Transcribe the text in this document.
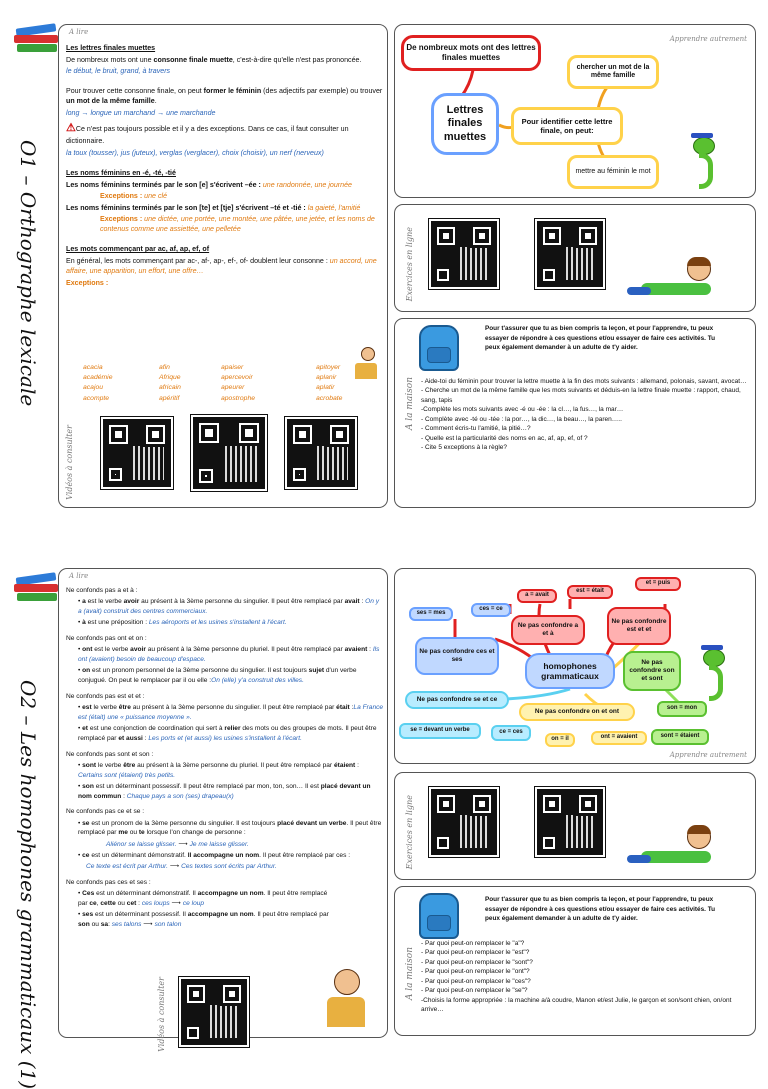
O1 – Orthographe lexicale
A lire

Les lettres finales muettes

De nombreux mots ont une consonne finale muette, c'est-à-dire qu'elle n'est pas prononcée.

le début, le bruit, grand, à travers

Pour trouver cette consonne finale, on peut former le féminin (des adjectifs par exemple) ou trouver un mot de la même famille.

long → longue un marchand → une marchande

⚠Ce n'est pas toujours possible et il y a des exceptions. Dans ce cas, il faut consulter un dictionnaire.

la toux (tousser), jus (juteux), verglas (verglacer), choix (choisir), un nerf (nerveux)

Les noms féminins en -é, -té, -tié

Les noms féminins terminés par le son [e] s'écrivent –ée : une randonnée, une journée

Exceptions : une clé

Les noms féminins terminés par le son [te] et [tje] s'écrivent –té et -tié : la gaieté, l'amitié

Exceptions : une dictée, une portée, une montée, une pâtée, une jetée, et les noms de contenus comme une assiettée, une pelletée

Les mots commençant par ac, af, ap, ef, of

En général, les mots commençant par ac-, af-, ap-, ef-, of- doublent leur consonne : un accord, une affaire, une apparition, un effort, une offre…

Exceptions :

acacia	afin	apaiser	apitoyer
académie	Afrique	apercevoir	aplanir
acajou	africain	apeurer	aplatir
acompte	apéritif	apostrophe	acrobate
Vidéos à consulter
Apprendre autrement
De nombreux mots ont des lettres finales muettes
Lettres finales muettes
Pour identifier cette lettre finale, on peut:
chercher un mot de la même famille
mettre au féminin le mot
Exercices en ligne
Pour t'assurer que tu as bien compris ta leçon, et pour l'apprendre, tu peux essayer de répondre à ces questions et/ou essayer de faire ces activités. Tu peux également demander à un adulte de t'y aider.
A la maison - Aide-toi du féminin pour trouver la lettre muette à la fin des mots suivants : allemand, polonais, savant, avocat…
- Cherche un mot de la même famille que les mots suivants et déduis-en la lettre finale muette : rapport, chaud, sang, tapis
-Complète les mots suivants avec -é ou -ée : la cl…, la fus…, la mar…
- Complète avec -té ou -tée : la por…, la dic…, la beau…, la paren…..
- Comment écris-tu l'amitié, la pitié…?
- Quelle est la particularité des noms en ac, af, ap, ef, of ?
- Cite 5 exceptions à la règle?
O2 – Les homophones grammaticaux (1)
A lire

Ne confonds pas a et à :

• a est le verbe avoir au présent à la 3ème personne du singulier. Il peut être remplacé par avait : On y a (avait) construit des centres commerciaux.

• à est une préposition : Les aéroports et les usines s'installent à l'écart.

Ne confonds pas ont et on :

• ont est le verbe avoir au présent à la 3ème personne du pluriel. Il peut être remplacé par avaient : Ils ont (avaient) besoin de beaucoup d'espace.

• on est un pronom personnel de la 3ème personne du singulier. Il est toujours sujet d'un verbe conjugué. On peut le remplacer par il ou elle :On (elle) y'a construit des villes.

Ne confonds pas est et et :

• est le verbe être au présent à la 3ème personne du singulier. Il peut être remplacé par était :La France est (était) une « puissance moyenne ».

• et est une conjonction de coordination qui sert à relier des mots ou des groupes de mots. Il peut être remplacé par et aussi : Les ports et (et aussi) les usines s'installent à l'écart.

Ne confonds pas sont et son :

• sont le verbe être au présent à la 3ème personne du pluriel. Il peut être remplacé par étaient : Certains sont (étaient) très petits.

• son est un déterminant possessif. Il peut être remplacé par mon, ton, son… Il est placé devant un nom commun : Chaque pays a son (ses) drapeau(x)

Ne confonds pas ce et se :

• se est un pronom de la 3ème personne du singulier. Il est toujours placé devant un verbe. Il peut être remplacé par me ou te lorsque l'on change de personne :

Aliénor se laisse glisser. ⟶ Je me laisse glisser.

• ce est un déterminant démonstratif. Il accompagne un nom. Il peut être remplacé par ces :

Ce texte est écrit par Arthur. ⟶ Ces textes sont écrits par Arthur.

Ne confonds pas ces et ses :

• Ces est un déterminant démonstratif. Il accompagne un nom. Il peut être remplacé par ce, cette ou cet : ces loups ⟶ ce loup

• ses est un déterminant possessif. Il accompagne un nom. Il peut être remplacé par son ou sa: ses talons ⟶ son talon

Vidéos à consulter
a = avait
est = était
et = puis
ses = mes
ces = ce
Ne pas confondre a et à
Ne pas confondre est et et
Ne pas confondre ces et ses
homophones grammaticaux
Ne pas confondre son et sont
Ne pas confondre se et ce
Ne pas confondre on et ont	son = mon
se = devant un verbe	ce = ces
on = il	ont = avaient	sont = étaient
Apprendre autrement
Exercices en ligne
Pour t'assurer que tu as bien compris ta leçon, et pour l'apprendre, tu peux essayer de répondre à ces questions et/ou essayer de faire ces activités. Tu peux également demander à un adulte de t'y aider.
A la maison
- Par quoi peut-on remplacer le "a"?
- Par quoi peut-on remplacer le "est"?
- Par quoi peut-on remplacer le "sont"?
- Par quoi peut-on remplacer le "ont"?
- Par quoi peut-on remplacer le "ces"?
- Par quoi peut-on remplacer le "se"?
-Choisis la forme appropriée : la machine a/à coudre, Manon et/est Julie, le garçon et son/sont chien, on/ont arrive…
